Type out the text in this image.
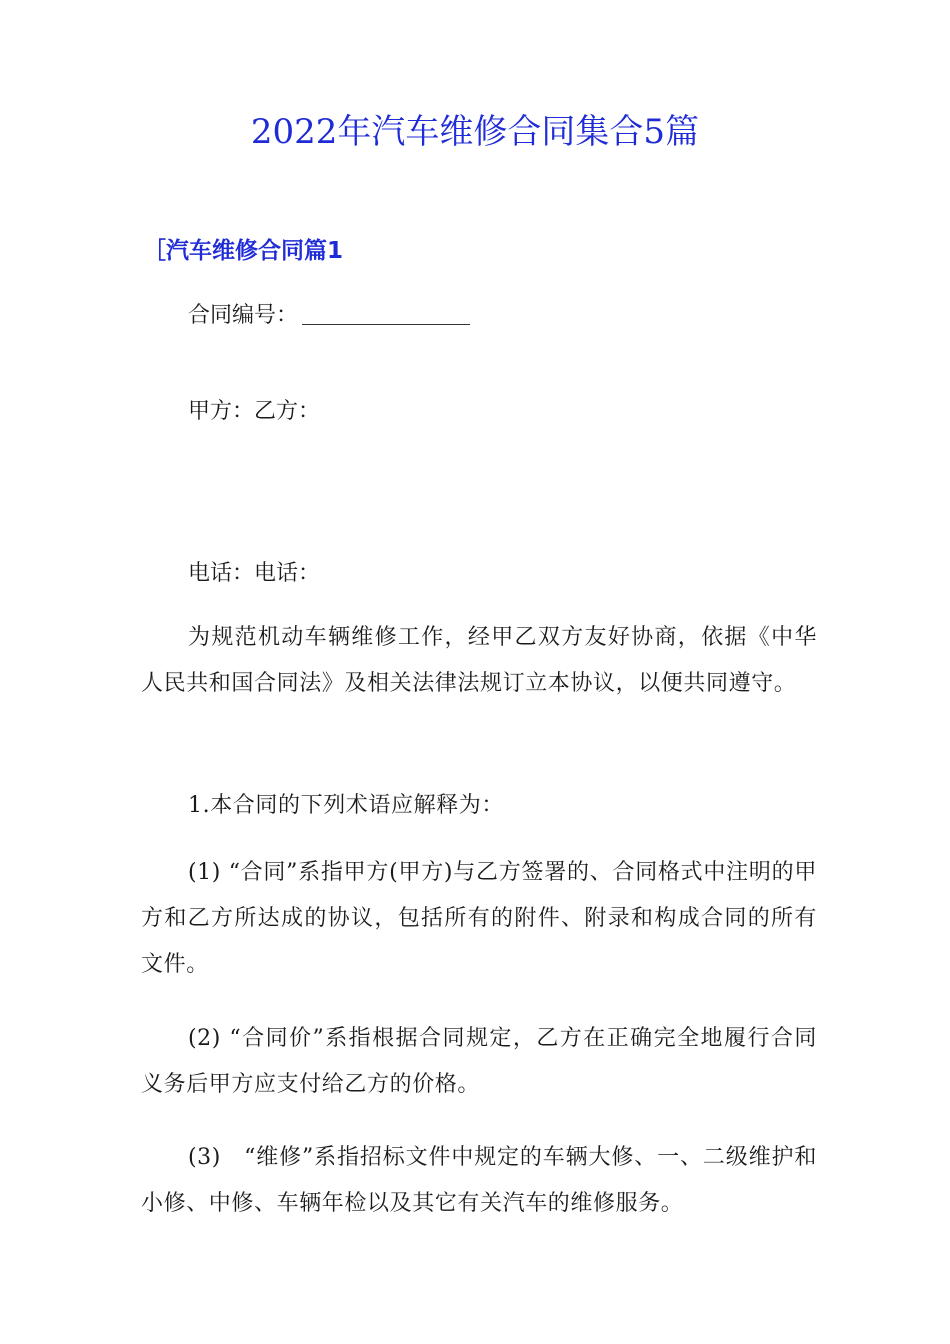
2022年汽车维修合同集合5篇
［汽车维修合同篇1
合同编号：
甲方：乙方：
电话：电话：
为规范机动车辆维修工作，经甲乙双方友好协商，依据《中华人民共和国合同法》及相关法律法规订立本协议，以便共同遵守。
1.本合同的下列术语应解释为：
(1) “合同”系指甲方(甲方)与乙方签署的、合同格式中注明的甲方和乙方所达成的协议，包括所有的附件、附录和构成合同的所有文件。
(2) “合同价”系指根据合同规定，乙方在正确完全地履行合同义务后甲方应支付给乙方的价格。
(3)　“维修”系指招标文件中规定的车辆大修、一、二级维护和小修、中修、车辆年检以及其它有关汽车的维修服务。
